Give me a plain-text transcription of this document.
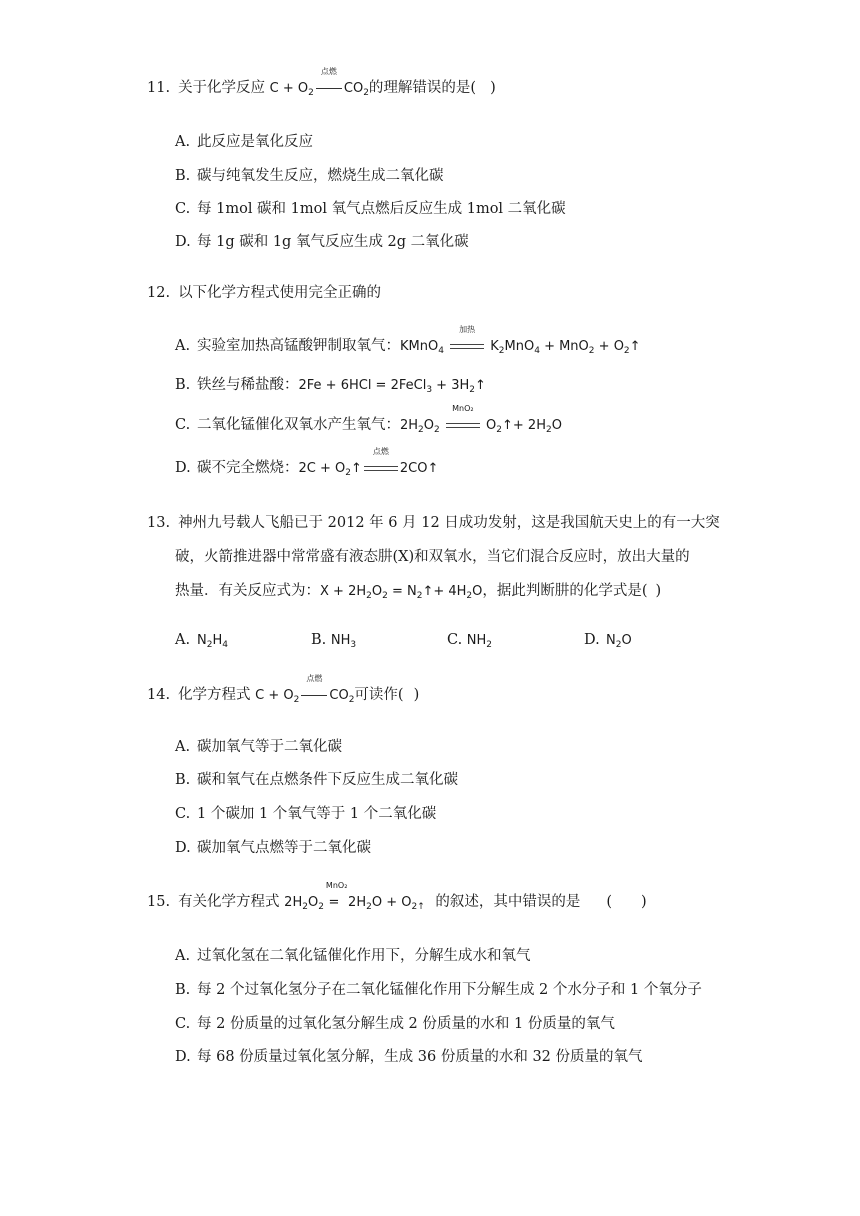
11. 关于化学反应 $C + O_2$
点燃
$CO_2$的理解错误的是( )
A. 此反应是氧化反应
B. 碳与纯氧发生反应，燃烧生成二氧化碳
C. 每 1mol 碳和 1mol 氧气点燃后反应生成 1mol 二氧化碳
D. 每 1g 碳和 1g 氧气反应生成 2g 二氧化碳
12. 以下化学方程式使用完全正确的
A. 实验室加热高锰酸钾制取氧气：KMnO$_4$
加热
$K_2MnO_4 + MnO_2$ + $O_2↑$
B. 铁丝与稀盐酸：2Fe + 6HCl = 2FeCl$_3$ + $3H_2↑$
C. 二氧化锰催化双氧水产生氧气：$2H_2O_2$
MnO₂
$O_2↑+ 2H_2O$
D. 碳不完全燃烧：$2C + O_2↑$
点燃
2CO↑
13. 神州九号载人飞船已于 2012 年 6 月 12 日成功发射，这是我国航天史上的有一大突
破，火箭推进器中常常盛有液态肼(X)和双氧水，当它们混合反应时，放出大量的
热量．有关反应式为：$X + 2H_2O_2$ = $N_2↑+ 4H_2O$，据此判断肼的化学式是( )
A. $N_2H_4$	B. $NH_3$	C. $NH_2$	D. $N_2O$
14. 化学方程式 $C + O_2$
点燃
$CO_2$可读作( )
A. 碳加氧气等于二氧化碳
B. 碳和氧气在点燃条件下反应生成二氧化碳
C. 1 个碳加 1 个氧气等于 1 个二氧化碳
D. 碳加氧气点燃等于二氧化碳
15. 有关化学方程式 $2H_2O_2$
MnO₂
= $2H_2O + O_{2↑}$ 的叙述，其中错误的是 (　　)
A. 过氧化氢在二氧化锰催化作用下，分解生成水和氧气
B. 每 2 个过氧化氢分子在二氧化锰催化作用下分解生成 2 个水分子和 1 个氧分子
C. 每 2 份质量的过氧化氢分解生成 2 份质量的水和 1 份质量的氧气
D. 每 68 份质量过氧化氢分解，生成 36 份质量的水和 32 份质量的氧气
